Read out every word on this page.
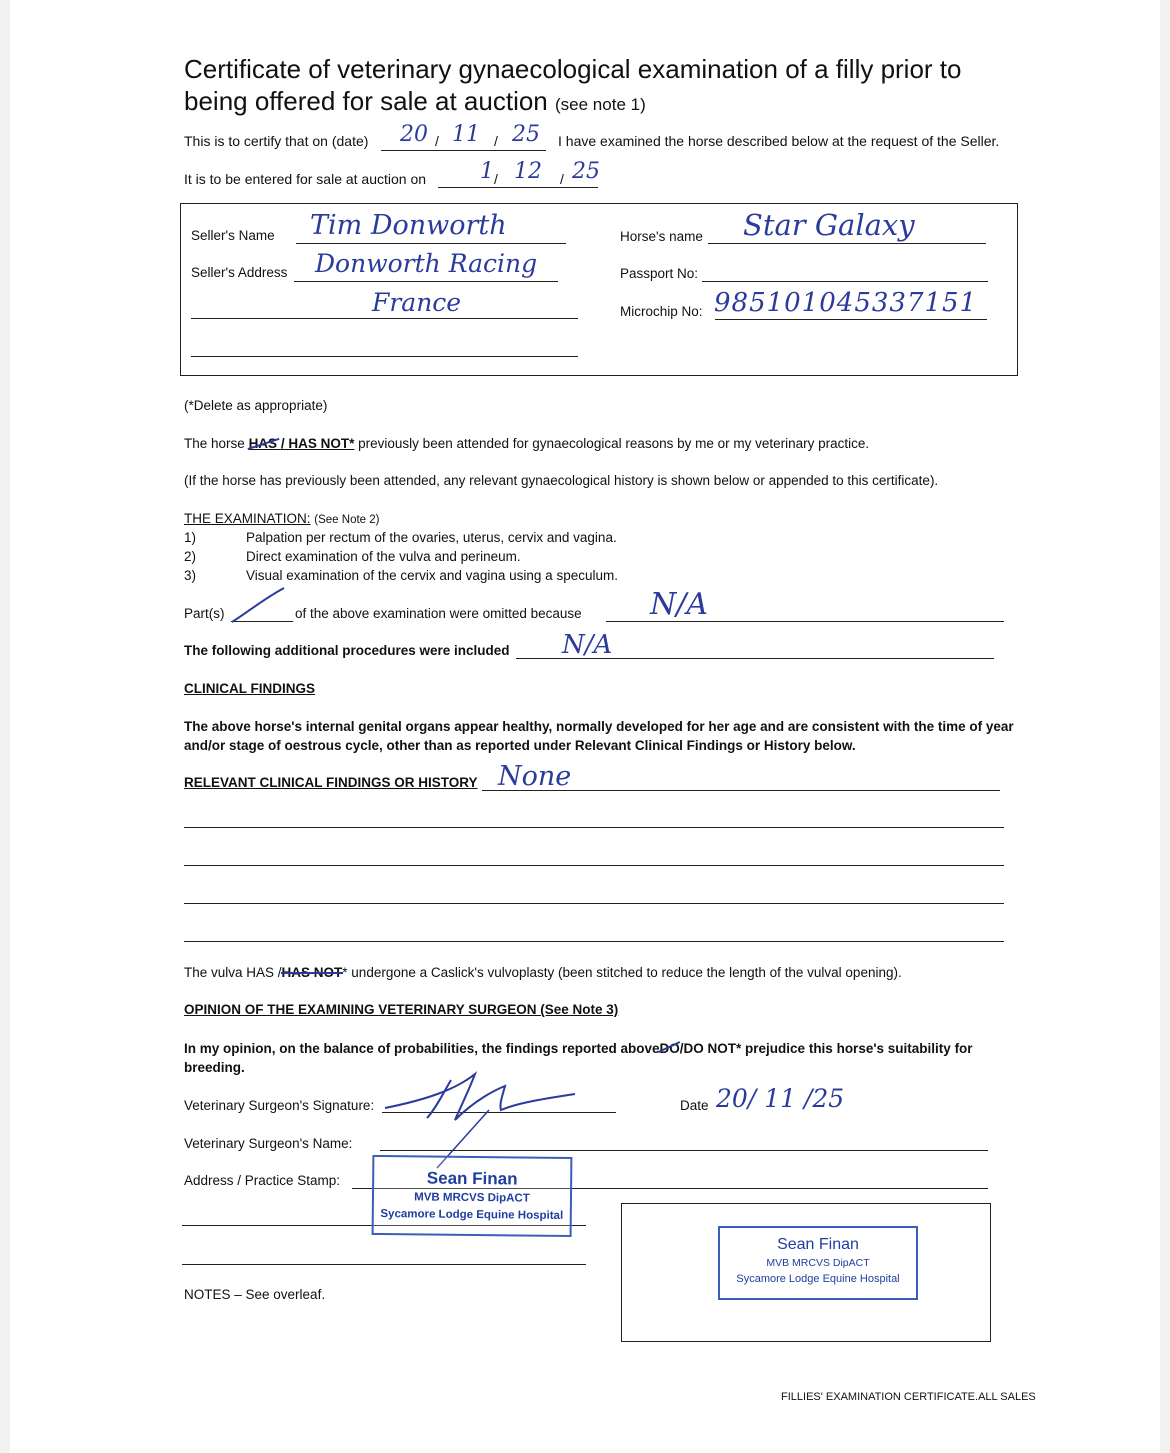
Certificate of veterinary gynaecological examination of a filly prior to
being offered for sale at auction (see note 1)
This is to certify that on (date)	/	/
20 11 25 I have examined the horse described below at the request of the Seller.
It is to be entered for sale at auction on	/	/
1 12 25
Seller's Name Tim Donworth
Seller's Address Donworth Racing
France
Horse's name Star Galaxy
Passport No:
Microchip No: 985101045337151
(*Delete as appropriate)
The horse HAS / HAS NOT* previously been attended for gynaecological reasons by me or my veterinary practice.
(If the horse has previously been attended, any relevant gynaecological history is shown below or appended to this certificate).
THE EXAMINATION: (See Note 2)
1)	Palpation per rectum of the ovaries, uterus, cervix and vagina.
2)	Direct examination of the vulva and perineum.
3)	Visual examination of the cervix and vagina using a speculum.
Part(s)	of the above examination were omitted because N/A
The following additional procedures were included N/A
CLINICAL FINDINGS
The above horse's internal genital organs appear healthy, normally developed for her age and are consistent with the time of year
and/or stage of oestrous cycle, other than as reported under Relevant Clinical Findings or History below.
RELEVANT CLINICAL FINDINGS OR HISTORY None
The vulva HAS /HAS NOT
* undergone a Caslick's vulvoplasty (been stitched to reduce the length of the vulval opening).
OPINION OF THE EXAMINING VETERINARY SURGEON (See Note 3)
In my opinion, on the balance of probabilities, the findings reported aboveDO
/DO NOT* prejudice this horse's suitability for
breeding.
Veterinary Surgeon's Signature:	Date 20/ 11 /25
Veterinary Surgeon's Name:
Address / Practice Stamp:	Sean Finan
MVB MRCVS DipACT
Sycamore Lodge Equine Hospital
Sean Finan
MVB MRCVS DipACT
Sycamore Lodge Equine Hospital
NOTES – See overleaf.
FILLIES' EXAMINATION CERTIFICATE.ALL SALES
